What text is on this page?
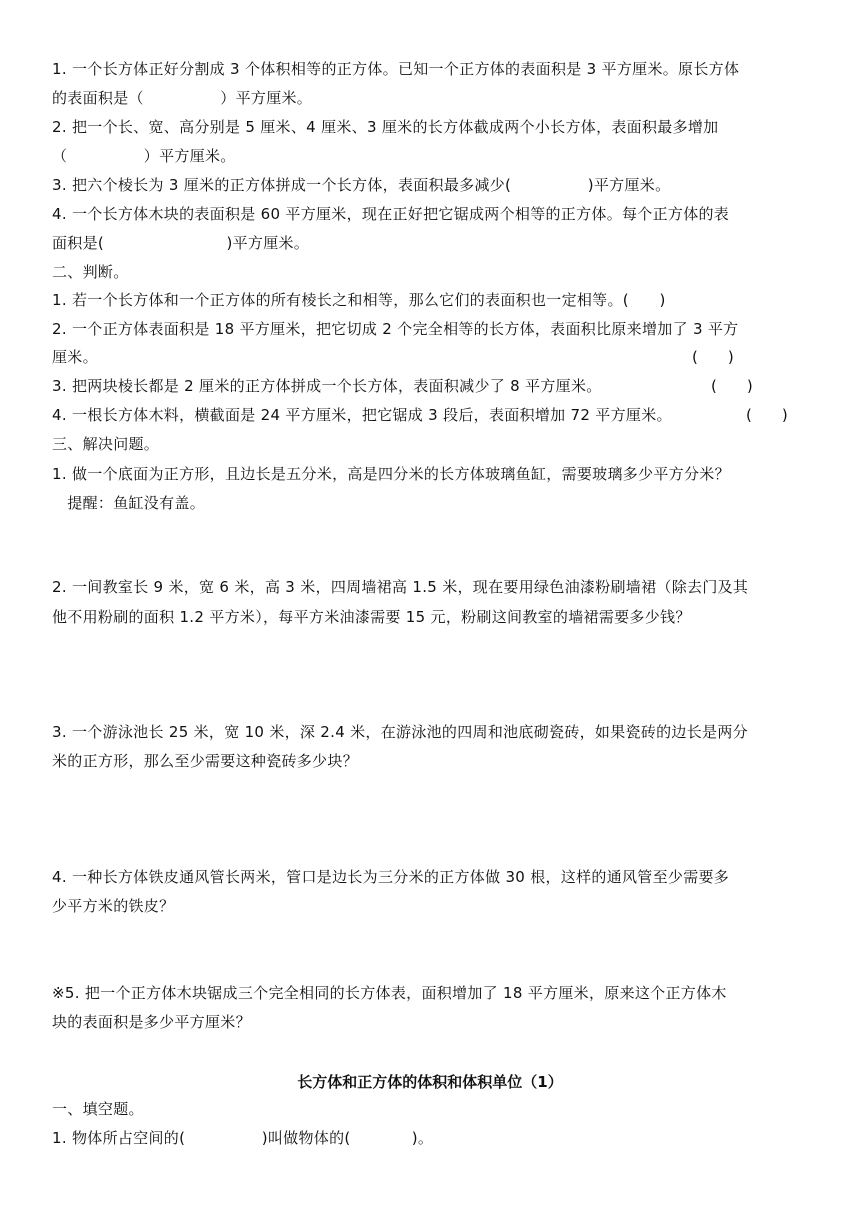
1. 一个长方体正好分割成 3 个体积相等的正方体。已知一个正方体的表面积是 3 平方厘米。原长方体
的表面积是（　　　　　）平方厘米。
2. 把一个长、宽、高分别是 5 厘米、4 厘米、3 厘米的长方体截成两个小长方体，表面积最多增加
（　　　　　）平方厘米。
3. 把六个棱长为 3 厘米的正方体拼成一个长方体，表面积最多减少(　　　　　)平方厘米。
4. 一个长方体木块的表面积是 60 平方厘米，现在正好把它锯成两个相等的正方体。每个正方体的表
面积是(　　　　　　　　)平方厘米。
二、判断。
1. 若一个长方体和一个正方体的所有棱长之和相等，那么它们的表面积也一定相等。(　　)
2. 一个正方体表面积是 18 平方厘米，把它切成 2 个完全相等的长方体，表面积比原来增加了 3 平方
厘米。	(　　)
3. 把两块棱长都是 2 厘米的正方体拼成一个长方体，表面积减少了 8 平方厘米。	(　　)
4. 一根长方体木料，横截面是 24 平方厘米，把它锯成 3 段后，表面积增加 72 平方厘米。	(　　)
三、解决问题。
1. 做一个底面为正方形，且边长是五分米，高是四分米的长方体玻璃鱼缸，需要玻璃多少平方分米？
　提醒：鱼缸没有盖。
2. 一间教室长 9 米，宽 6 米，高 3 米，四周墙裙高 1.5 米，现在要用绿色油漆粉刷墙裙（除去门及其
他不用粉刷的面积 1.2 平方米），每平方米油漆需要 15 元，粉刷这间教室的墙裙需要多少钱？
3. 一个游泳池长 25 米，宽 10 米，深 2.4 米，在游泳池的四周和池底砌瓷砖，如果瓷砖的边长是两分
米的正方形，那么至少需要这种瓷砖多少块？
4. 一种长方体铁皮通风管长两米，管口是边长为三分米的正方体做 30 根，这样的通风管至少需要多
少平方米的铁皮？
※5. 把一个正方体木块锯成三个完全相同的长方体表，面积增加了 18 平方厘米，原来这个正方体木
块的表面积是多少平方厘米？
长方体和正方体的体积和体积单位（1）
一、填空题。
1. 物体所占空间的(　　　　　)叫做物体的(　　　　)。
